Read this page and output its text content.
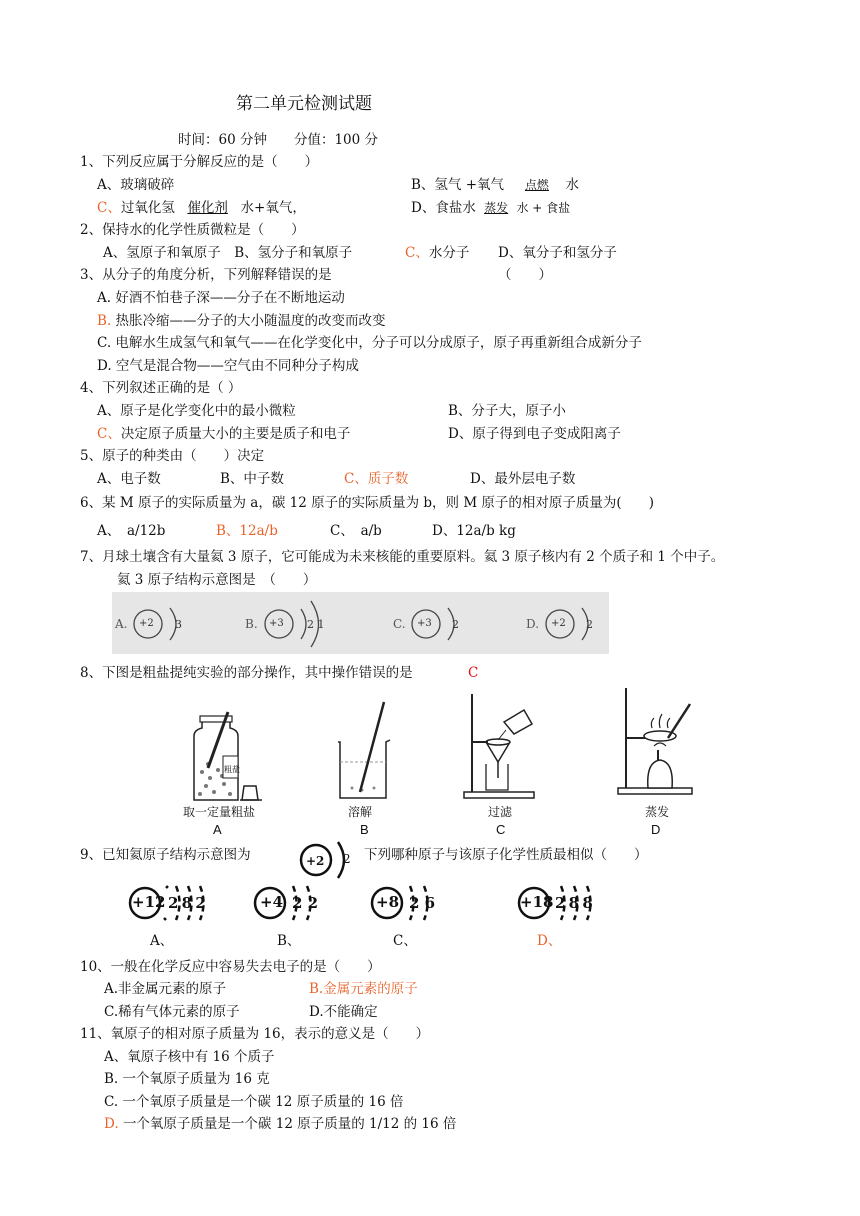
第二单元检测试题
时间：60 分钟　　分值：100 分
1、下列反应属于分解反应的是（　　）
A、玻璃破碎	B、氢气 +氧气 点燃 水
C、过氧化氢 催化剂 水+氧气，	D、食盐水 蒸发 水 + 食盐
2、保持水的化学性质微粒是（　　）
A、氢原子和氧原子　B、氢分子和氧原子	C、水分子 D、氧分子和氢分子
3、从分子的角度分析，下列解释错误的是	（　　）
A. 好酒不怕巷子深——分子在不断地运动
B. 热胀冷缩——分子的大小随温度的改变而改变
C. 电解水生成氢气和氧气——在化学变化中，分子可以分成原子，原子再重新组合成新分子
D. 空气是混合物——空气由不同种分子构成
4、下列叙述正确的是（ ）
A、原子是化学变化中的最小微粒	B、分子大，原子小
C、决定原子质量大小的主要是质子和电子	D、原子得到电子变成阳离子
5、原子的种类由（　　）决定
A、电子数	B、中子数	C、质子数	D、最外层电子数
6、某 M 原子的实际质量为 a，碳 12 原子的实际质量为 b，则 M 原子的相对原子质量为(　　)
A、　a/12b	B、12a/b	C、　a/b	D、12a/b kg
7、月球土壤含有大量氦 3 原子，它可能成为未来核能的重要原料。氦 3 原子核内有 2 个质子和 1 个中子。
氦 3 原子结构示意图是　（　　）
A. +2 3	B. +3 2 1	C. +3 2	D. +2 2
8、下图是粗盐提纯实验的部分操作，其中操作错误的是	C
粗盐
取一定量粗盐
A
溶解
B
过滤
C
蒸发
D
9、已知氦原子结构示意图为	+2 2 下列哪种原子与该原子化学性质最相似（　　）
+12 2 8 2
A、
+4 2 2
B、
+8 2 6
C、
+18 2 8 8
D、
10、一般在化学反应中容易失去电子的是（　　）
A.非金属元素的原子	B.金属元素的原子
C.稀有气体元素的原子	D.不能确定
11、氧原子的相对原子质量为 16，表示的意义是（　　）
A、氧原子核中有 16 个质子
B. 一个氧原子质量为 16 克
C. 一个氧原子质量是一个碳 12 原子质量的 16 倍
D. 一个氧原子质量是一个碳 12 原子质量的 1/12 的 16 倍
